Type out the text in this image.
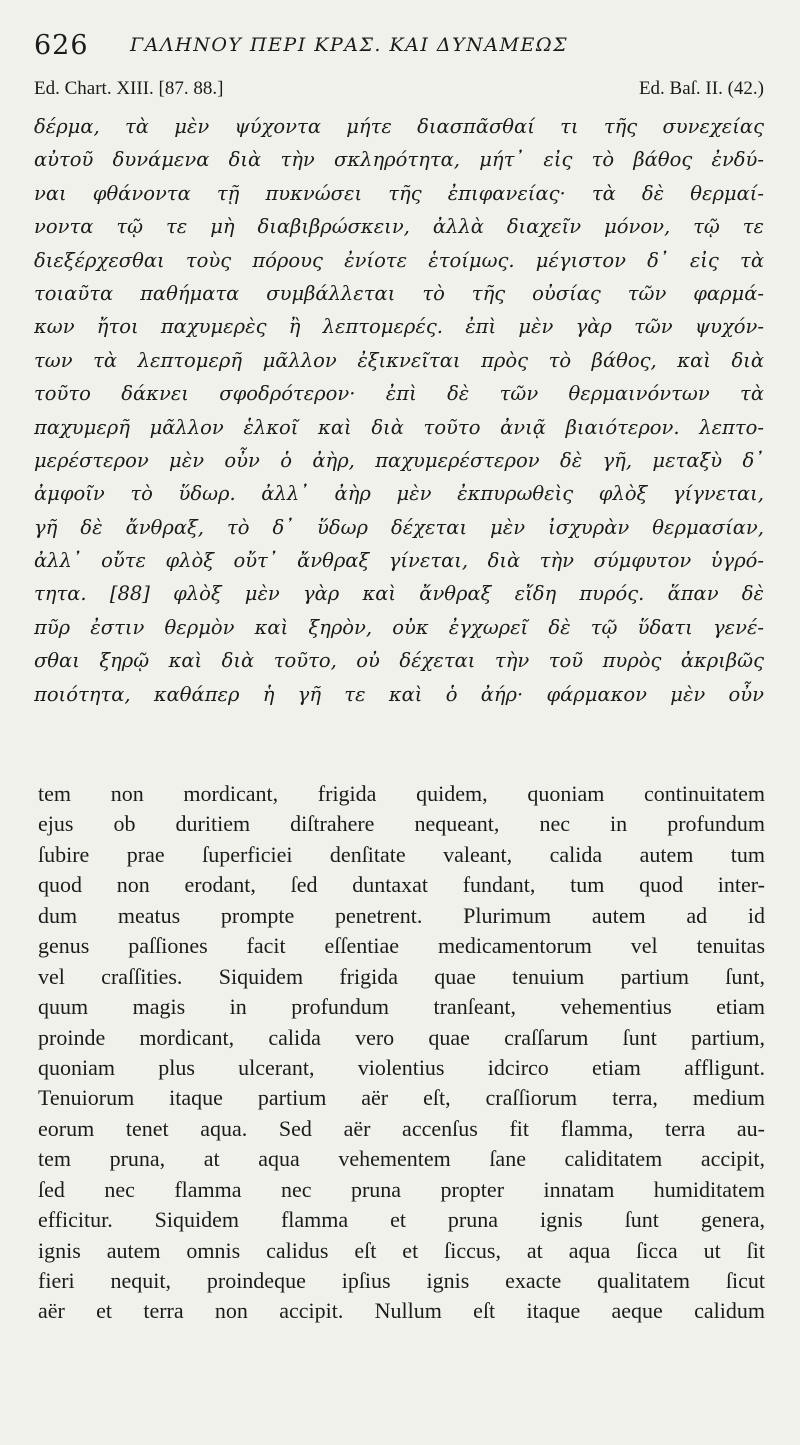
626 ΓΑΛΗΝΟΥ ΠΕΡΙ ΚΡΑΣ. ΚΑΙ ΔΥΝΑΜΕΩΣ
Ed. Chart. XIII. [87. 88.]	Ed. Baſ. II. (42.)
δέρμα, τὰ μὲν ψύχοντα μήτε διασπᾶσθαί τι τῆς συνεχείας
αὐτοῦ δυνάμενα διὰ τὴν σκληρότητα, μήτ᾽ εἰς τὸ βάθος ἐνδύ-
ναι φθάνοντα τῇ πυκνώσει τῆς ἐπιφανείας· τὰ δὲ θερμαί-
νοντα τῷ τε μὴ διαβιβρώσκειν, ἀλλὰ διαχεῖν μόνον, τῷ τε
διεξέρχεσθαι τοὺς πόρους ἐνίοτε ἑτοίμως. μέγιστον δ᾽ εἰς τὰ
τοιαῦτα παθήματα συμβάλλεται τὸ τῆς οὐσίας τῶν φαρμά-
κων ἤτοι παχυμερὲς ἢ λεπτομερές. ἐπὶ μὲν γὰρ τῶν ψυχόν-
των τὰ λεπτομερῆ μᾶλλον ἐξικνεῖται πρὸς τὸ βάθος, καὶ διὰ
τοῦτο δάκνει σφοδρότερον· ἐπὶ δὲ τῶν θερμαινόντων τὰ
παχυμερῆ μᾶλλον ἑλκοῖ καὶ διὰ τοῦτο ἀνιᾷ βιαιότερον. λεπτο-
μερέστερον μὲν οὖν ὁ ἀὴρ, παχυμερέστερον δὲ γῆ, μεταξὺ δ᾽
ἀμφοῖν τὸ ὕδωρ. ἀλλ᾽ ἀὴρ μὲν ἐκπυρωθεὶς φλὸξ γίγνεται,
γῆ δὲ ἄνθραξ, τὸ δ᾽ ὕδωρ δέχεται μὲν ἰσχυρὰν θερμασίαν,
ἀλλ᾽ οὔτε φλὸξ οὔτ᾽ ἄνθραξ γίνεται, διὰ τὴν σύμφυτον ὑγρό-
τητα. [88] φλὸξ μὲν γὰρ καὶ ἄνθραξ εἴδη πυρός. ἅπαν δὲ
πῦρ ἐστιν θερμὸν καὶ ξηρὸν, οὐκ ἐγχωρεῖ δὲ τῷ ὕδατι γενέ-
σθαι ξηρῷ καὶ διὰ τοῦτο, οὐ δέχεται τὴν τοῦ πυρὸς ἀκριβῶς
ποιότητα, καθάπερ ἡ γῆ τε καὶ ὁ ἀήρ· φάρμακον μὲν οὖν
tem non mordicant, frigida quidem, quoniam continuitatem
ejus ob duritiem diſtrahere nequeant, nec in profundum
ſubire prae ſuperficiei denſitate valeant, calida autem tum
quod non erodant, ſed duntaxat fundant, tum quod inter-
dum meatus prompte penetrent. Plurimum autem ad id
genus paſſiones facit eſſentiae medicamentorum vel tenuitas
vel craſſities. Siquidem frigida quae tenuium partium ſunt,
quum magis in profundum tranſeant, vehementius etiam
proinde mordicant, calida vero quae craſſarum ſunt partium,
quoniam plus ulcerant, violentius idcirco etiam affligunt.
Tenuiorum itaque partium aër eſt, craſſiorum terra, medium
eorum tenet aqua. Sed aër accenſus fit flamma, terra au-
tem pruna, at aqua vehementem ſane caliditatem accipit,
ſed nec flamma nec pruna propter innatam humiditatem
efficitur. Siquidem flamma et pruna ignis ſunt genera,
ignis autem omnis calidus eſt et ſiccus, at aqua ſicca ut ſit
fieri nequit, proindeque ipſius ignis exacte qualitatem ſicut
aër et terra non accipit. Nullum eſt itaque aeque calidum
